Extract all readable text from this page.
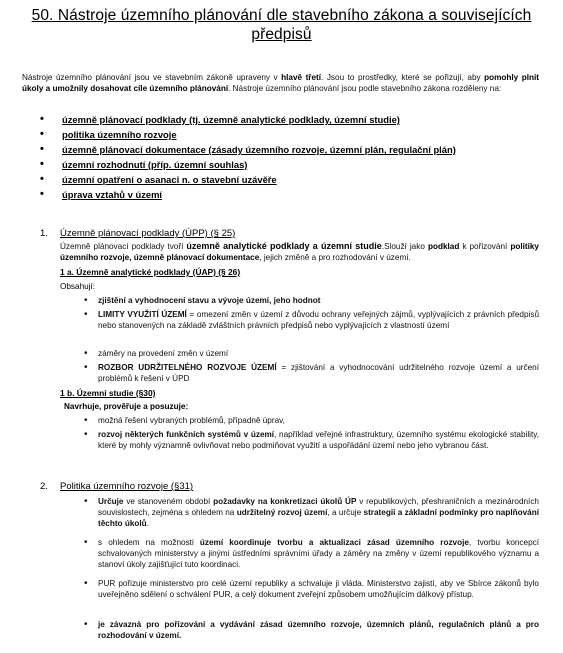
50. Nástroje územního plánování dle stavebního zákona a souvisejících předpisů
Nástroje územního plánování jsou ve stavebním zákoně upraveny v hlavě třetí. Jsou to prostředky, které se pořizují, aby pomohly plnit úkoly a umožnily dosahovat cíle územního plánování. Nástroje územního plánování jsou podle stavebního zákona rozděleny na:
• územně plánovací podklady (tj. územně analytické podklady, územní studie)
• politika územního rozvoje
• územně plánovací dokumentace (zásady územního rozvoje, územní plán, regulační plán)
• územní rozhodnutí (příp. územní souhlas)
• územní opatření o asanaci n. o stavební uzávěře
• úprava vztahů v území
1. Územně plánovací podklady (ÚPP) (§ 25)
Územně plánovací podklady tvoří územně analytické podklady a územní studie.Slouží jako podklad k pořizování politiky územního rozvoje, územně plánovací dokumentace, jejich změně a pro rozhodování v území.
1 a. Územně analytické podklady (ÚAP) (§ 26)
Obsahují:
• zjištění a vyhodnocení stavu a vývoje území, jeho hodnot
• LIMITY VYUŽITÍ ÚZEMÍ = omezení změn v území z důvodu ochrany veřejných zájmů, vyplývajících z právních předpisů nebo stanovených na základě zvláštních právních předpisů nebo vyplývajících z vlastností území
• záměry na provedení změn v území
• ROZBOR UDRŽITELNÉHO ROZVOJE ÚZEMÍ = zjištování a vyhodnocování udržitelného rozvoje území a určení problémů k řešení v ÚPD
1 b. Územní studie (§30)
Navrhuje, prověřuje a posuzuje:
• možná řešení vybraných problémů, případně úprav,
• rozvoj některých funkčních systémů v území, například veřejné infrastruktury, územního systému ekologické stability, které by mohly významně ovlivňovat nebo podmiňovat využití a uspořádání území nebo jeho vybranou část.
2. Politika územního rozvoje (§31)
• Určuje ve stanoveném období požadavky na konkretizaci úkolů ÚP v republikových, přeshraničních a mezinárodních souvislostech, zejména s ohledem na udržitelný rozvoj území, a určuje strategii a základní podmínky pro naplňování těchto úkolů.
• s ohledem na možnosti území koordinuje tvorbu a aktualizaci zásad územního rozvoje, tvorbu koncepcí schvalovaných ministerstvy a jinými ústředními správními úřady a záměry na změny v území republikového významu a stanoví úkoly zajišťující tuto koordinaci.
• PUR pořizuje ministerstvo pro celé území republiky a schvaluje ji vláda. Ministerstvo zajistí, aby ve Sbírce zákonů bylo uveřejněno sdělení o schválení PUR, a celý dokument zveřejní způsobem umožňujícím dálkový přístup.
• je závazná pro pořizování a vydávání zásad územního rozvoje, územních plánů, regulačních plánů a pro rozhodování v území.
